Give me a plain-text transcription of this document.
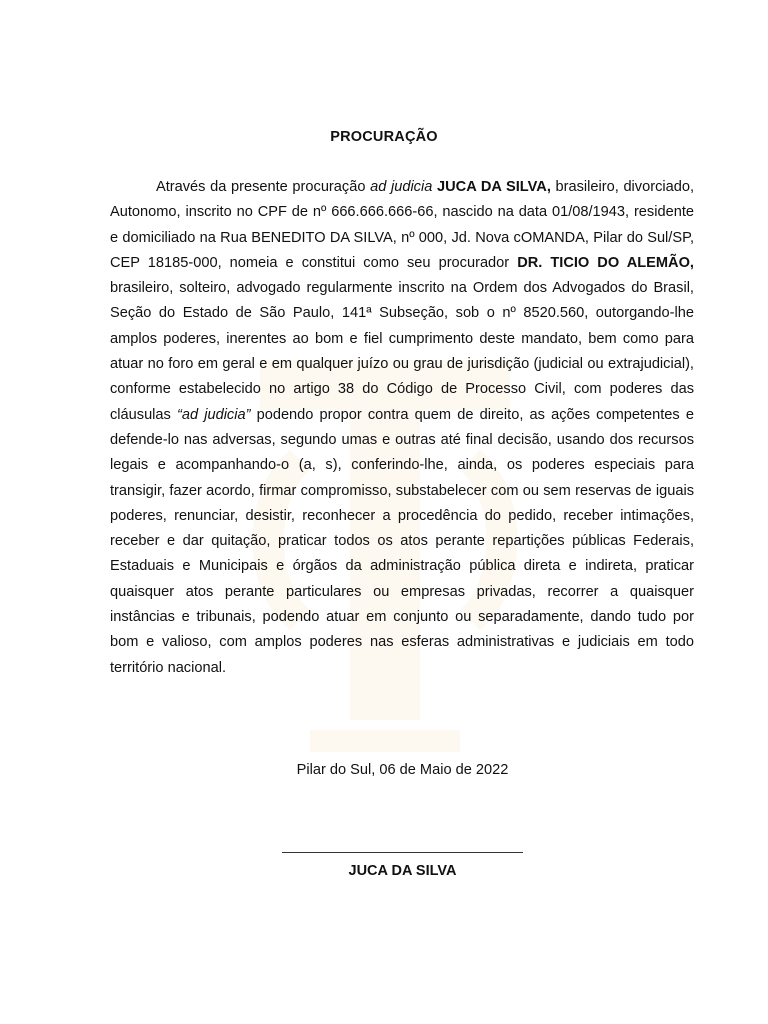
PROCURAÇÃO

Através da presente procuração ad judicia JUCA DA SILVA, brasileiro, divorciado, Autonomo, inscrito no CPF de nº 666.666.666-66, nascido na data 01/08/1943, residente e domiciliado na Rua BENEDITO DA SILVA, nº 000, Jd. Nova cOMANDA, Pilar do Sul/SP, CEP 18185-000, nomeia e constitui como seu procurador DR. TICIO DO ALEMÃO, brasileiro, solteiro, advogado regularmente inscrito na Ordem dos Advogados do Brasil, Seção do Estado de São Paulo, 141ª Subseção, sob o nº 8520.560, outorgando-lhe amplos poderes, inerentes ao bom e fiel cumprimento deste mandato, bem como para atuar no foro em geral e em qualquer juízo ou grau de jurisdição (judicial ou extrajudicial), conforme estabelecido no artigo 38 do Código de Processo Civil, com poderes das cláusulas “ad judicia” podendo propor contra quem de direito, as ações competentes e defende-lo nas adversas, segundo umas e outras até final decisão, usando dos recursos legais e acompanhando-o (a, s), conferindo-lhe, ainda, os poderes especiais para transigir, fazer acordo, firmar compromisso, substabelecer com ou sem reservas de iguais poderes, renunciar, desistir, reconhecer a procedência do pedido, receber intimações, receber e dar quitação, praticar todos os atos perante repartições públicas Federais, Estaduais e Municipais e órgãos da administração pública direta e indireta, praticar quaisquer atos perante particulares ou empresas privadas, recorrer a quaisquer instâncias e tribunais, podendo atuar em conjunto ou separadamente, dando tudo por bom e valioso, com amplos poderes nas esferas administrativas e judiciais em todo território nacional.

Pilar do Sul, 06 de Maio de 2022
JUCA DA SILVA
